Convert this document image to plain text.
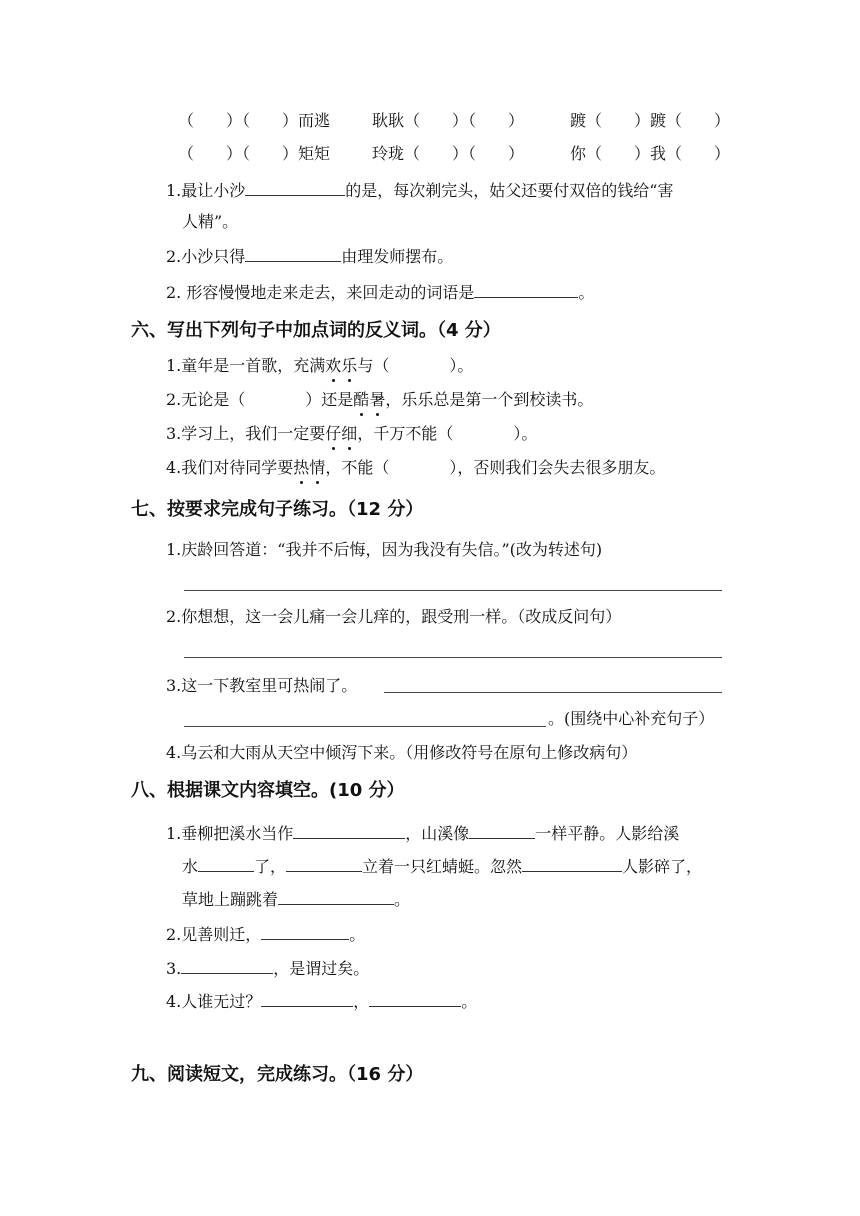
（　　）（　　）而逃	耿耿（　　）（　　）	踱（　　）踱（　　）
（　　）（　　）矩矩	玲珑（　　）（　　）	你（　　）我（　　）
1.最让小沙	的是，每次剃完头，姑父还要付双倍的钱给“害
人精”。
2.小沙只得	由理发师摆布。
2. 形容慢慢地走来走去，来回走动的词语是	。
六、写出下列句子中加点词的反义词。（4 分）
1.童年是一首歌，充满欢乐与（	）。
2.无论是（	）还是酷暑，乐乐总是第一个到校读书。
3.学习上，我们一定要仔细，千万不能（	）。
4.我们对待同学要热情，不能（	），否则我们会失去很多朋友。
七、按要求完成句子练习。（12 分）
1.庆龄回答道：“我并不后悔，因为我没有失信。”(改为转述句)
2.你想想，这一会儿痛一会儿痒的，跟受刑一样。（改成反问句）
3.这一下教室里可热闹了。
。(围绕中心补充句子）
4.乌云和大雨从天空中倾泻下来。（用修改符号在原句上修改病句）
八、根据课文内容填空。(10 分）
1.垂柳把溪水当作	，山溪像	一样平静。人影给溪
水	了，	立着一只红蜻蜓。忽然	人影碎了，
草地上蹦跳着	。
2.见善则迁，	。
3.	，是谓过矣。
4.人谁无过？	，	。
九、阅读短文，完成练习。（16 分）
